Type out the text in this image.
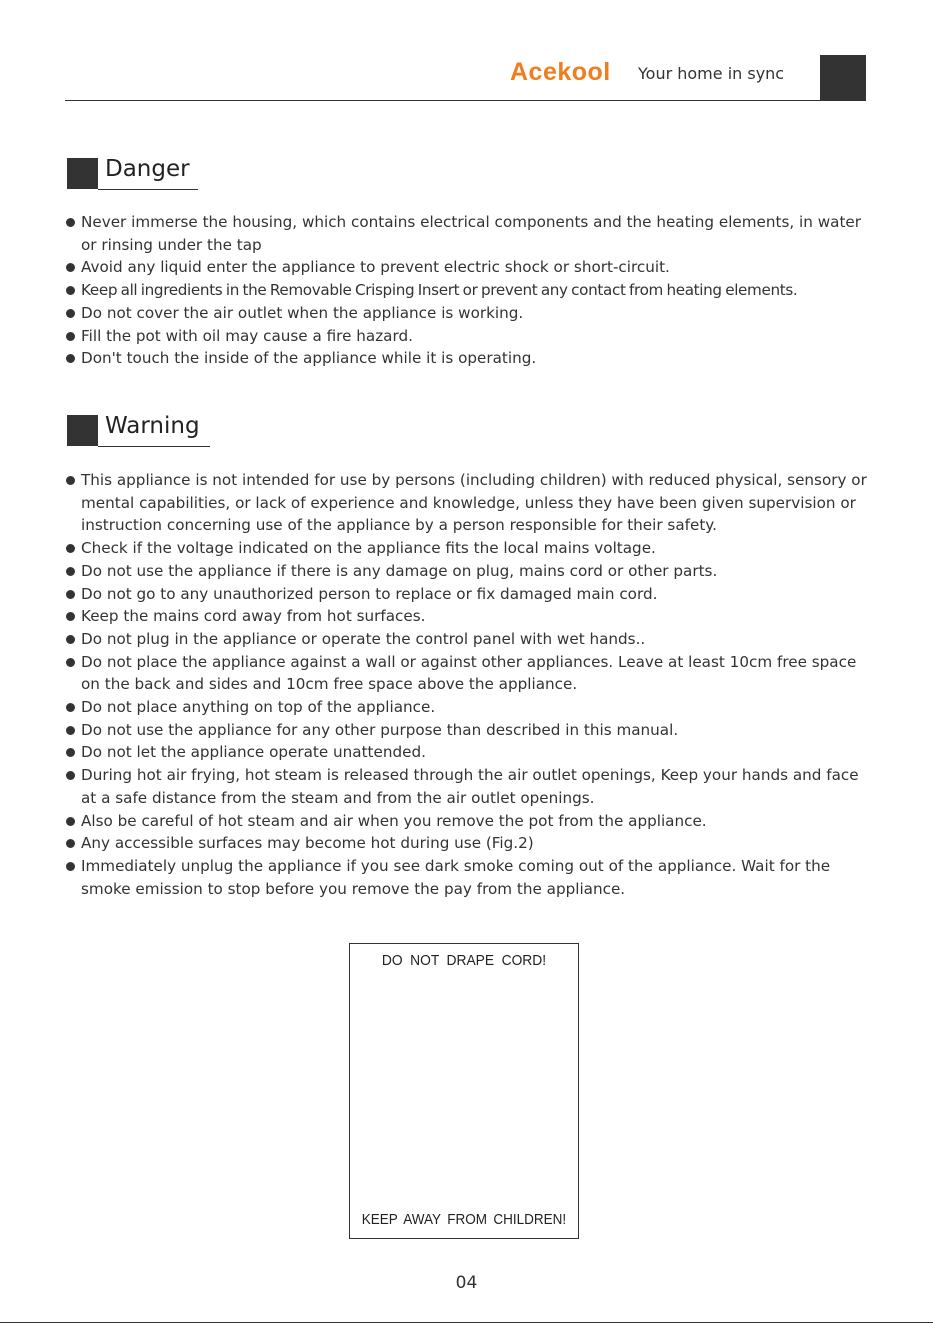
Acekool Your home in sync
Danger
Never immerse the housing, which contains electrical components and the heating elements, in water or rinsing under the tap
Avoid any liquid enter the appliance to prevent electric shock or short-circuit.
Keep all ingredients in the Removable Crisping Insert or prevent any contact from heating elements.
Do not cover the air outlet when the appliance is working.
Fill the pot with oil may cause a fire hazard.
Don't touch the inside of the appliance while it is operating.
Warning
This appliance is not intended for use by persons (including children) with reduced physical, sensory or mental capabilities, or lack of experience and knowledge, unless they have been given supervision or instruction concerning use of the appliance by a person responsible for their safety.
Check if the voltage indicated on the appliance fits the local mains voltage.
Do not use the appliance if there is any damage on plug, mains cord or other parts.
Do not go to any unauthorized person to replace or fix damaged main cord.
Keep the mains cord away from hot surfaces.
Do not plug in the appliance or operate the control panel with wet hands..
Do not place the appliance against a wall or against other appliances. Leave at least 10cm free space on the back and sides and 10cm free space above the appliance.
Do not place anything on top of the appliance.
Do not use the appliance for any other purpose than described in this manual.
Do not let the appliance operate unattended.
During hot air frying, hot steam is released through the air outlet openings, Keep your hands and face at a safe distance from the steam and from the air outlet openings.
Also be careful of hot steam and air when you remove the pot from the appliance.
Any accessible surfaces may become hot during use (Fig.2)
Immediately unplug the appliance if you see dark smoke coming out of the appliance. Wait for the smoke emission to stop before you remove the pay from the appliance.
DO NOT DRAPE CORD!
KEEP AWAY FROM CHILDREN!
04
